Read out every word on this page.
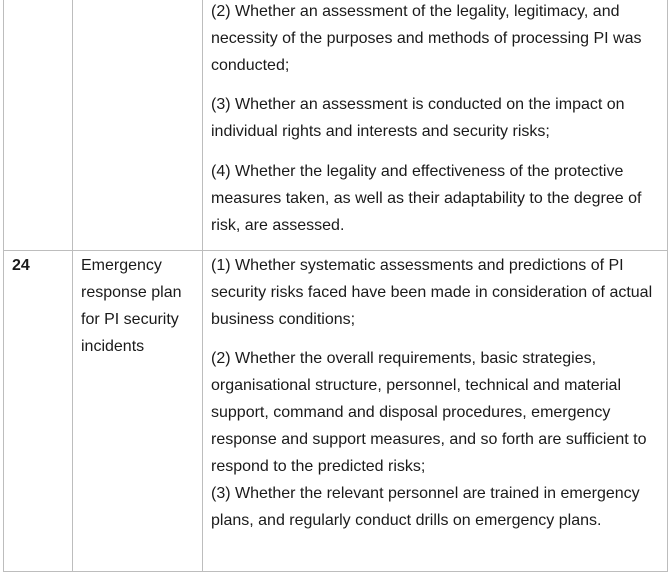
		(2) Whether an assessment of the legality, legitimacy, and necessity of the purposes and methods of processing PI was conducted;

(3) Whether an assessment is conducted on the impact on individual rights and interests and security risks;

(4) Whether the legality and effectiveness of the protective measures taken, as well as their adaptability to the degree of risk, are assessed.

24	Emergency response plan for PI security incidents	(1) Whether systematic assessments and predictions of PI security risks faced have been made in consideration of actual business conditions;

(2) Whether the overall requirements, basic strategies, organisational structure, personnel, technical and material support, command and disposal procedures, emergency response and support measures, and so forth are sufficient to respond to the predicted risks;

(3) Whether the relevant personnel are trained in emergency plans, and regularly conduct drills on emergency plans.
